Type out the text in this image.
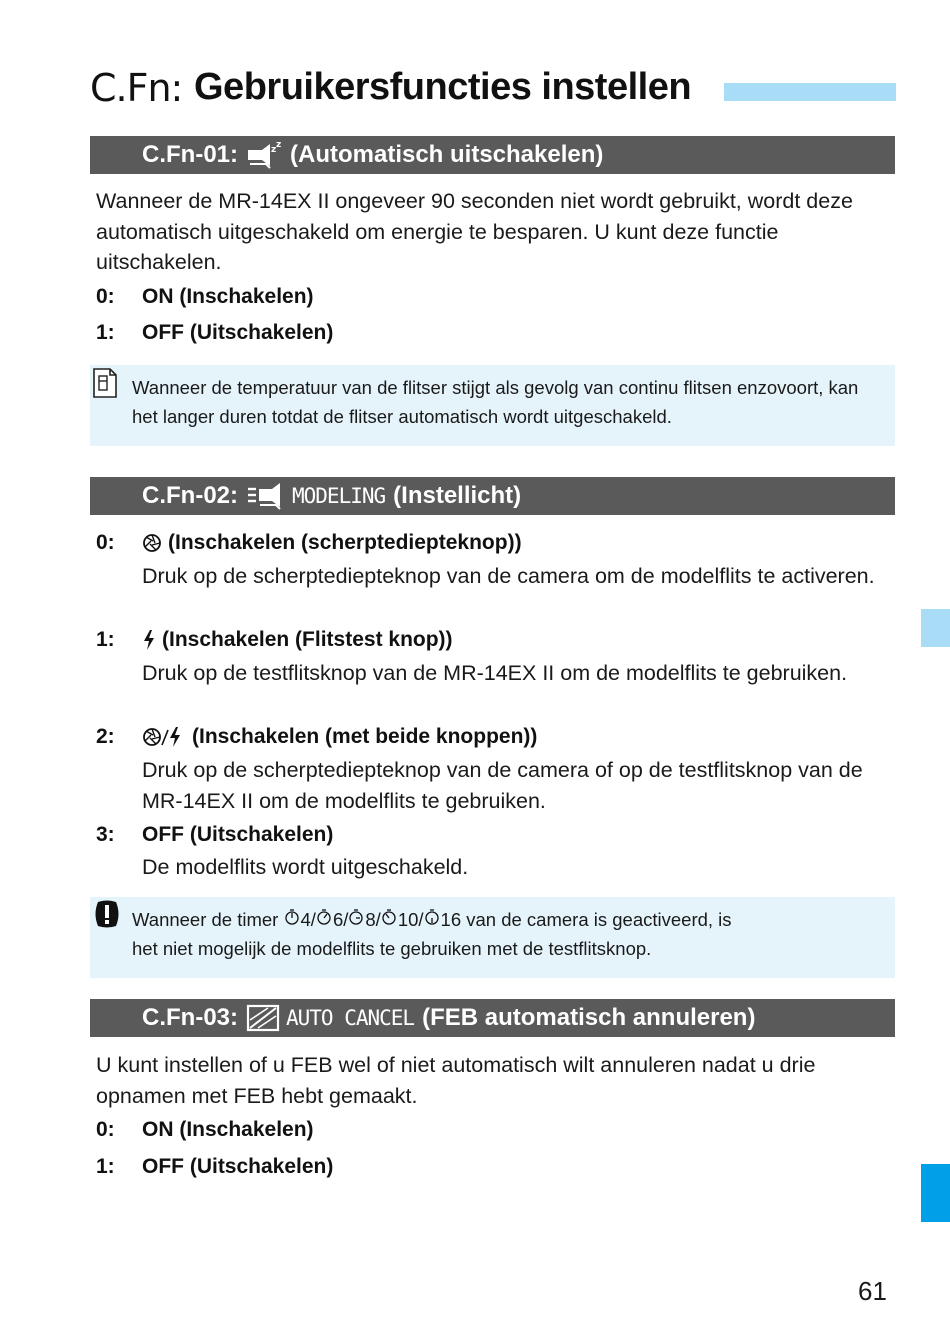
C.Fn: Gebruikersfuncties instellen
C.Fn-01:	z z (Automatisch uitschakelen)
Wanneer de MR-14EX II ongeveer 90 seconden niet wordt gebruikt, wordt deze automatisch uitgeschakeld om energie te besparen. U kunt deze functie uitschakelen.
0: ON (Inschakelen)
1: OFF (Uitschakelen)
Wanneer de temperatuur van de flitser stijgt als gevolg van continu flitsen enzovoort, kan het langer duren totdat de flitser automatisch wordt uitgeschakeld.
C.Fn-02:	MODELING (Instellicht)
0:	(Inschakelen (scherptediepteknop))
Druk op de scherptediepteknop van de camera om de modelflits te activeren.
1: (Inschakelen (Flitstest knop))
Druk op de testflitsknop van de MR-14EX II om de modelflits te gebruiken.
2:	(Inschakelen (met beide knoppen))
Druk op de scherptediepteknop van de camera of op de testflitsknop van de MR-14EX II om de modelflits te gebruiken.
3: OFF (Uitschakelen)
De modelflits wordt uitgeschakeld.
Wanneer de timer 4 / 6 / 8 / 10 / 16 van de camera is geactiveerd, is
het niet mogelijk de modelflits te gebruiken met de testflitsknop.
C.Fn-03: AUTO CANCEL (FEB automatisch annuleren)
U kunt instellen of u FEB wel of niet automatisch wilt annuleren nadat u drie opnamen met FEB hebt gemaakt.
0: ON (Inschakelen)
1: OFF (Uitschakelen)
61
